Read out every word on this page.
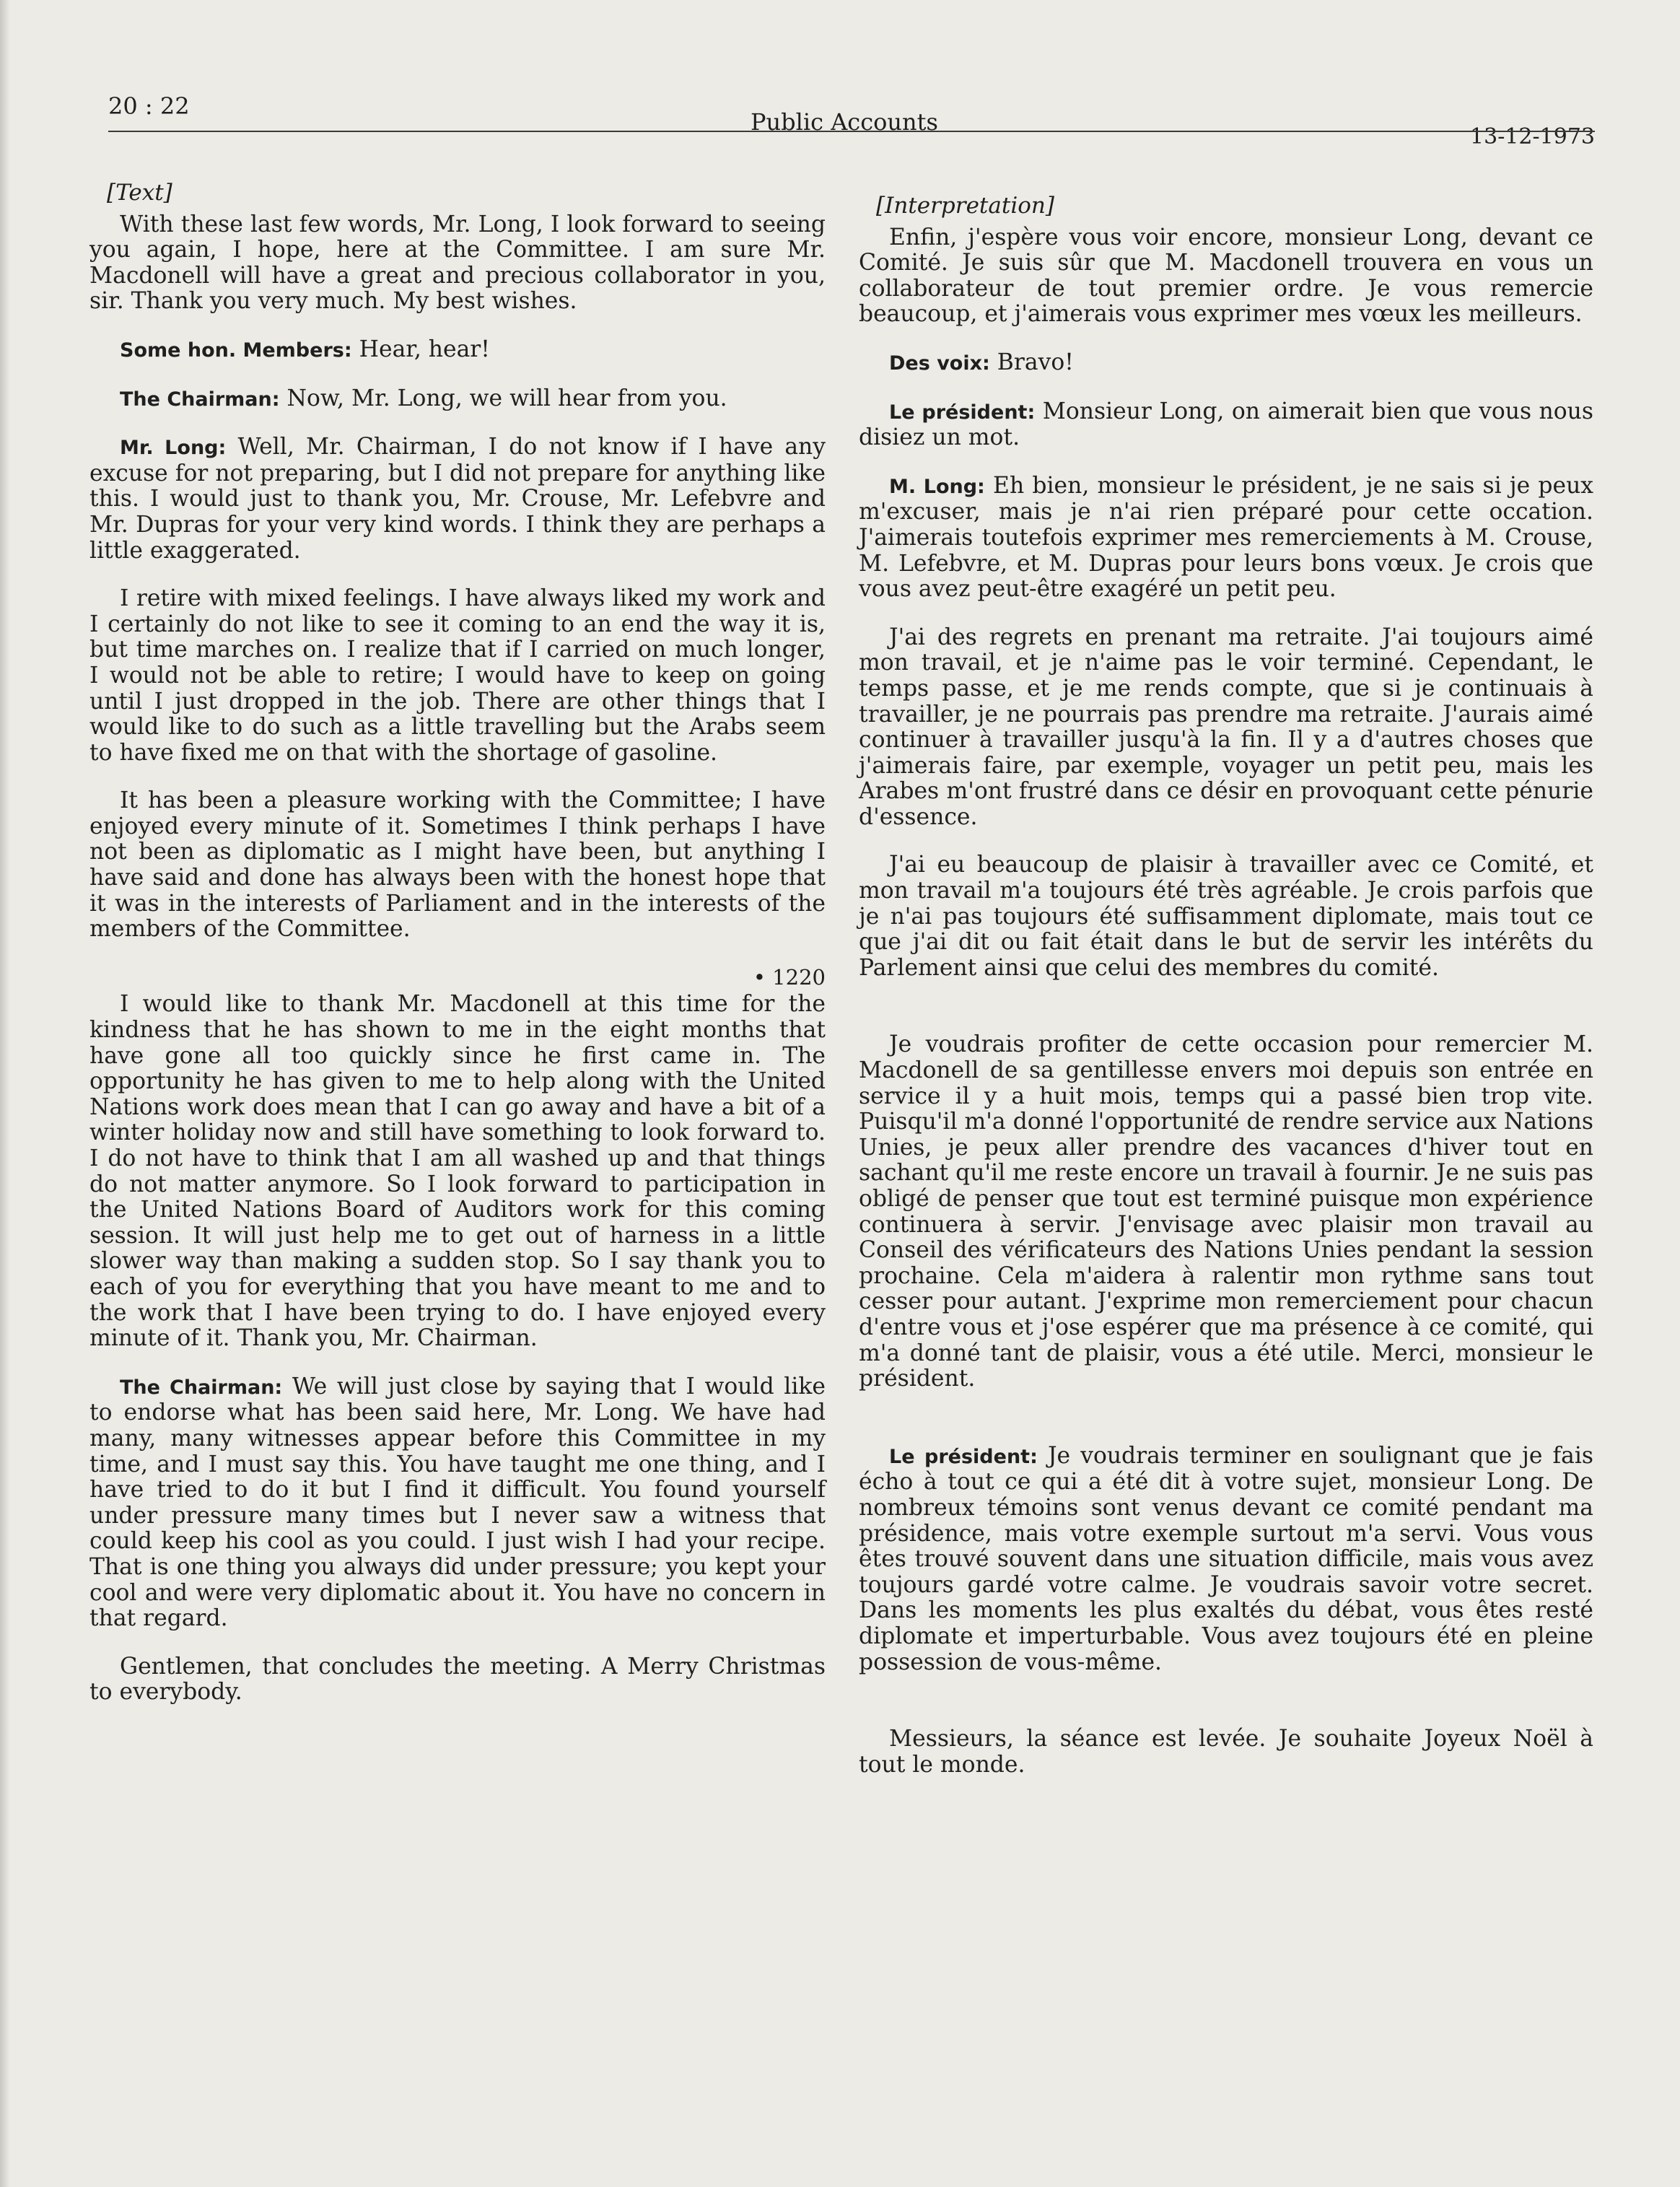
20 : 22
Public Accounts
13-12-1973
[Text]

With these last few words, Mr. Long, I look forward to seeing you again, I hope, here at the Committee. I am sure Mr. Macdonell will have a great and precious collaborator in you, sir. Thank you very much. My best wishes.

Some hon. Members: Hear, hear!

The Chairman: Now, Mr. Long, we will hear from you.

Mr. Long: Well, Mr. Chairman, I do not know if I have any excuse for not preparing, but I did not prepare for anything like this. I would just to thank you, Mr. Crouse, Mr. Lefebvre and Mr. Dupras for your very kind words. I think they are perhaps a little exaggerated.

I retire with mixed feelings. I have always liked my work and I certainly do not like to see it coming to an end the way it is, but time marches on. I realize that if I carried on much longer, I would not be able to retire; I would have to keep on going until I just dropped in the job. There are other things that I would like to do such as a little travelling but the Arabs seem to have fixed me on that with the shortage of gasoline.

It has been a pleasure working with the Committee; I have enjoyed every minute of it. Sometimes I think perhaps I have not been as diplomatic as I might have been, but anything I have said and done has always been with the honest hope that it was in the interests of Parliament and in the interests of the members of the Committee.

• 1220

I would like to thank Mr. Macdonell at this time for the kindness that he has shown to me in the eight months that have gone all too quickly since he first came in. The opportunity he has given to me to help along with the United Nations work does mean that I can go away and have a bit of a winter holiday now and still have something to look forward to. I do not have to think that I am all washed up and that things do not matter anymore. So I look forward to participation in the United Nations Board of Auditors work for this coming session. It will just help me to get out of harness in a little slower way than making a sudden stop. So I say thank you to each of you for everything that you have meant to me and to the work that I have been trying to do. I have enjoyed every minute of it. Thank you, Mr. Chairman.

The Chairman: We will just close by saying that I would like to endorse what has been said here, Mr. Long. We have had many, many witnesses appear before this Committee in my time, and I must say this. You have taught me one thing, and I have tried to do it but I find it difficult. You found yourself under pressure many times but I never saw a witness that could keep his cool as you could. I just wish I had your recipe. That is one thing you always did under pressure; you kept your cool and were very diplomatic about it. You have no concern in that regard.

Gentlemen, that concludes the meeting. A Merry Christmas to everybody.

[Interpretation]

Enfin, j'espère vous voir encore, monsieur Long, devant ce Comité. Je suis sûr que M. Macdonell trouvera en vous un collaborateur de tout premier ordre. Je vous remercie beaucoup, et j'aimerais vous exprimer mes vœux les meilleurs.

Des voix: Bravo!

Le président: Monsieur Long, on aimerait bien que vous nous disiez un mot.

M. Long: Eh bien, monsieur le président, je ne sais si je peux m'excuser, mais je n'ai rien préparé pour cette occation. J'aimerais toutefois exprimer mes remerciements à M. Crouse, M. Lefebvre, et M. Dupras pour leurs bons vœux. Je crois que vous avez peut-être exagéré un petit peu.

J'ai des regrets en prenant ma retraite. J'ai toujours aimé mon travail, et je n'aime pas le voir terminé. Cependant, le temps passe, et je me rends compte, que si je continuais à travailler, je ne pourrais pas prendre ma retraite. J'aurais aimé continuer à travailler jusqu'à la fin. Il y a d'autres choses que j'aimerais faire, par exemple, voyager un petit peu, mais les Arabes m'ont frustré dans ce désir en provoquant cette pénurie d'essence.

J'ai eu beaucoup de plaisir à travailler avec ce Comité, et mon travail m'a toujours été très agréable. Je crois parfois que je n'ai pas toujours été suffisamment diplomate, mais tout ce que j'ai dit ou fait était dans le but de servir les intérêts du Parlement ainsi que celui des membres du comité.

Je voudrais profiter de cette occasion pour remercier M. Macdonell de sa gentillesse envers moi depuis son entrée en service il y a huit mois, temps qui a passé bien trop vite. Puisqu'il m'a donné l'opportunité de rendre service aux Nations Unies, je peux aller prendre des vacances d'hiver tout en sachant qu'il me reste encore un travail à fournir. Je ne suis pas obligé de penser que tout est terminé puisque mon expérience continuera à servir. J'envisage avec plaisir mon travail au Conseil des vérificateurs des Nations Unies pendant la session prochaine. Cela m'aidera à ralentir mon rythme sans tout cesser pour autant. J'exprime mon remerciement pour chacun d'entre vous et j'ose espérer que ma présence à ce comité, qui m'a donné tant de plaisir, vous a été utile. Merci, monsieur le président.

Le président: Je voudrais terminer en soulignant que je fais écho à tout ce qui a été dit à votre sujet, monsieur Long. De nombreux témoins sont venus devant ce comité pendant ma présidence, mais votre exemple surtout m'a servi. Vous vous êtes trouvé souvent dans une situation difficile, mais vous avez toujours gardé votre calme. Je voudrais savoir votre secret. Dans les moments les plus exaltés du débat, vous êtes resté diplomate et imperturbable. Vous avez toujours été en pleine possession de vous-même.

Messieurs, la séance est levée. Je souhaite Joyeux Noël à tout le monde.
